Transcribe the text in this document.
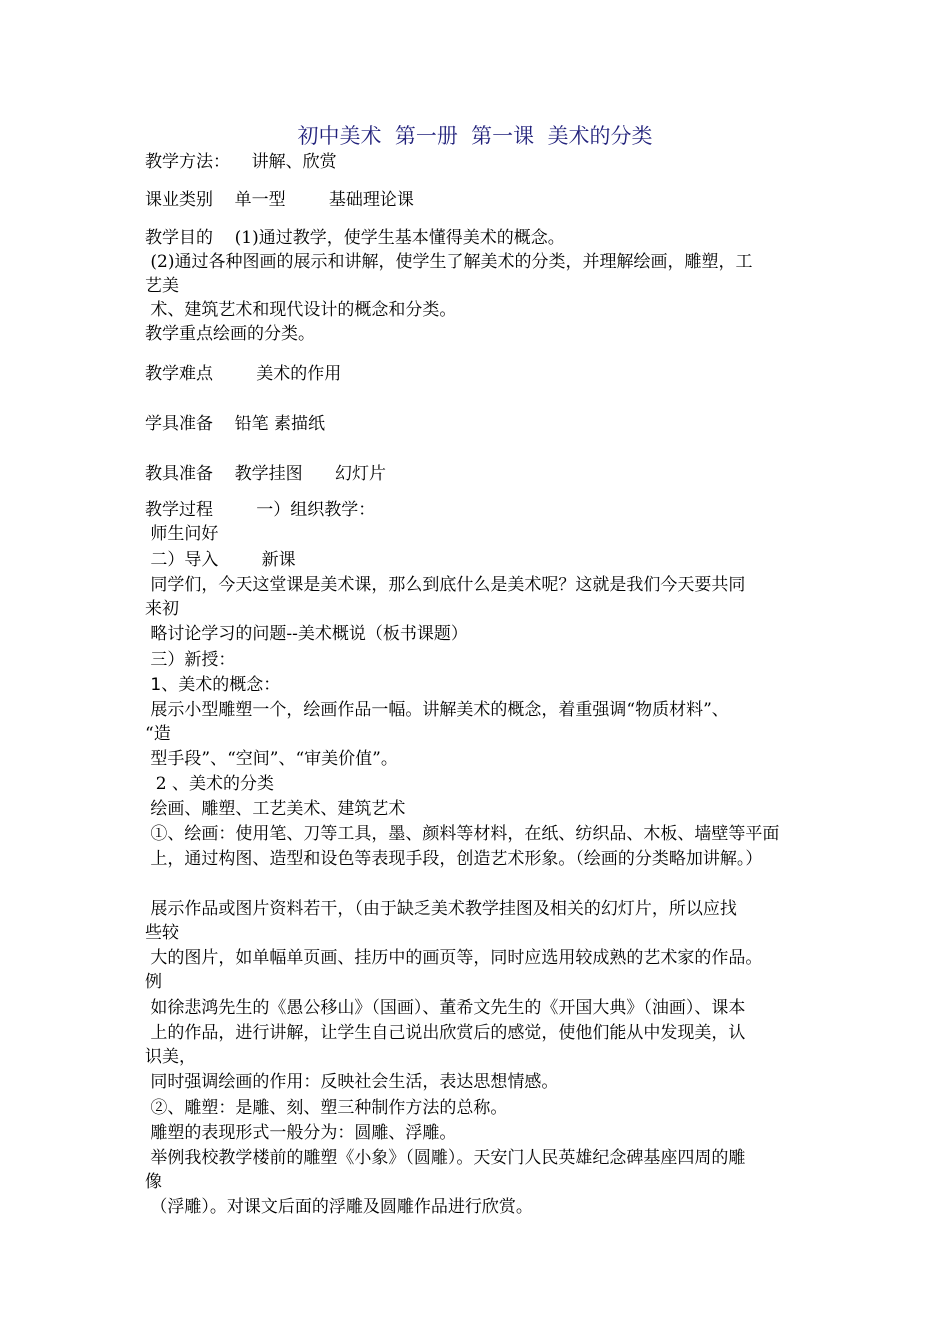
初中美术  第一册  第一课  美术的分类
教学方法：    讲解、欣赏
课业类别    单一型        基础理论课
教学目的    (1)通过教学，使学生基本懂得美术的概念。
(2)通过各种图画的展示和讲解，使学生了解美术的分类，并理解绘画，雕塑，工
艺美
术、建筑艺术和现代设计的概念和分类。
教学重点绘画的分类。
教学难点        美术的作用
学具准备    铅笔 素描纸
教具准备    教学挂图      幻灯片
教学过程        一）组织教学：
师生问好
二）导入        新课
同学们，今天这堂课是美术课，那么到底什么是美术呢？这就是我们今天要共同
来初
略讨论学习的问题--美术概说（板书课题）
三）新授：
1、美术的概念：
展示小型雕塑一个，绘画作品一幅。讲解美术的概念，着重强调“物质材料”、
“造
型手段”、“空间”、“审美价值”。
2 、美术的分类
绘画、雕塑、工艺美术、建筑艺术
①、绘画：使用笔、刀等工具，墨、颜料等材料，在纸、纺织品、木板、墙壁等平面
上，通过构图、造型和设色等表现手段，创造艺术形象。（绘画的分类略加讲解。）
展示作品或图片资料若干，（由于缺乏美术教学挂图及相关的幻灯片，所以应找
些较
大的图片，如单幅单页画、挂历中的画页等，同时应选用较成熟的艺术家的作品。
例
如徐悲鸿先生的《愚公移山》（国画）、董希文先生的《开国大典》（油画）、课本
上的作品，进行讲解，让学生自己说出欣赏后的感觉，使他们能从中发现美，认
识美，
同时强调绘画的作用：反映社会生活，表达思想情感。
②、雕塑：是雕、刻、塑三种制作方法的总称。
雕塑的表现形式一般分为：圆雕、浮雕。
举例我校教学楼前的雕塑《小象》（圆雕）。天安门人民英雄纪念碑基座四周的雕
像
（浮雕）。对课文后面的浮雕及圆雕作品进行欣赏。
